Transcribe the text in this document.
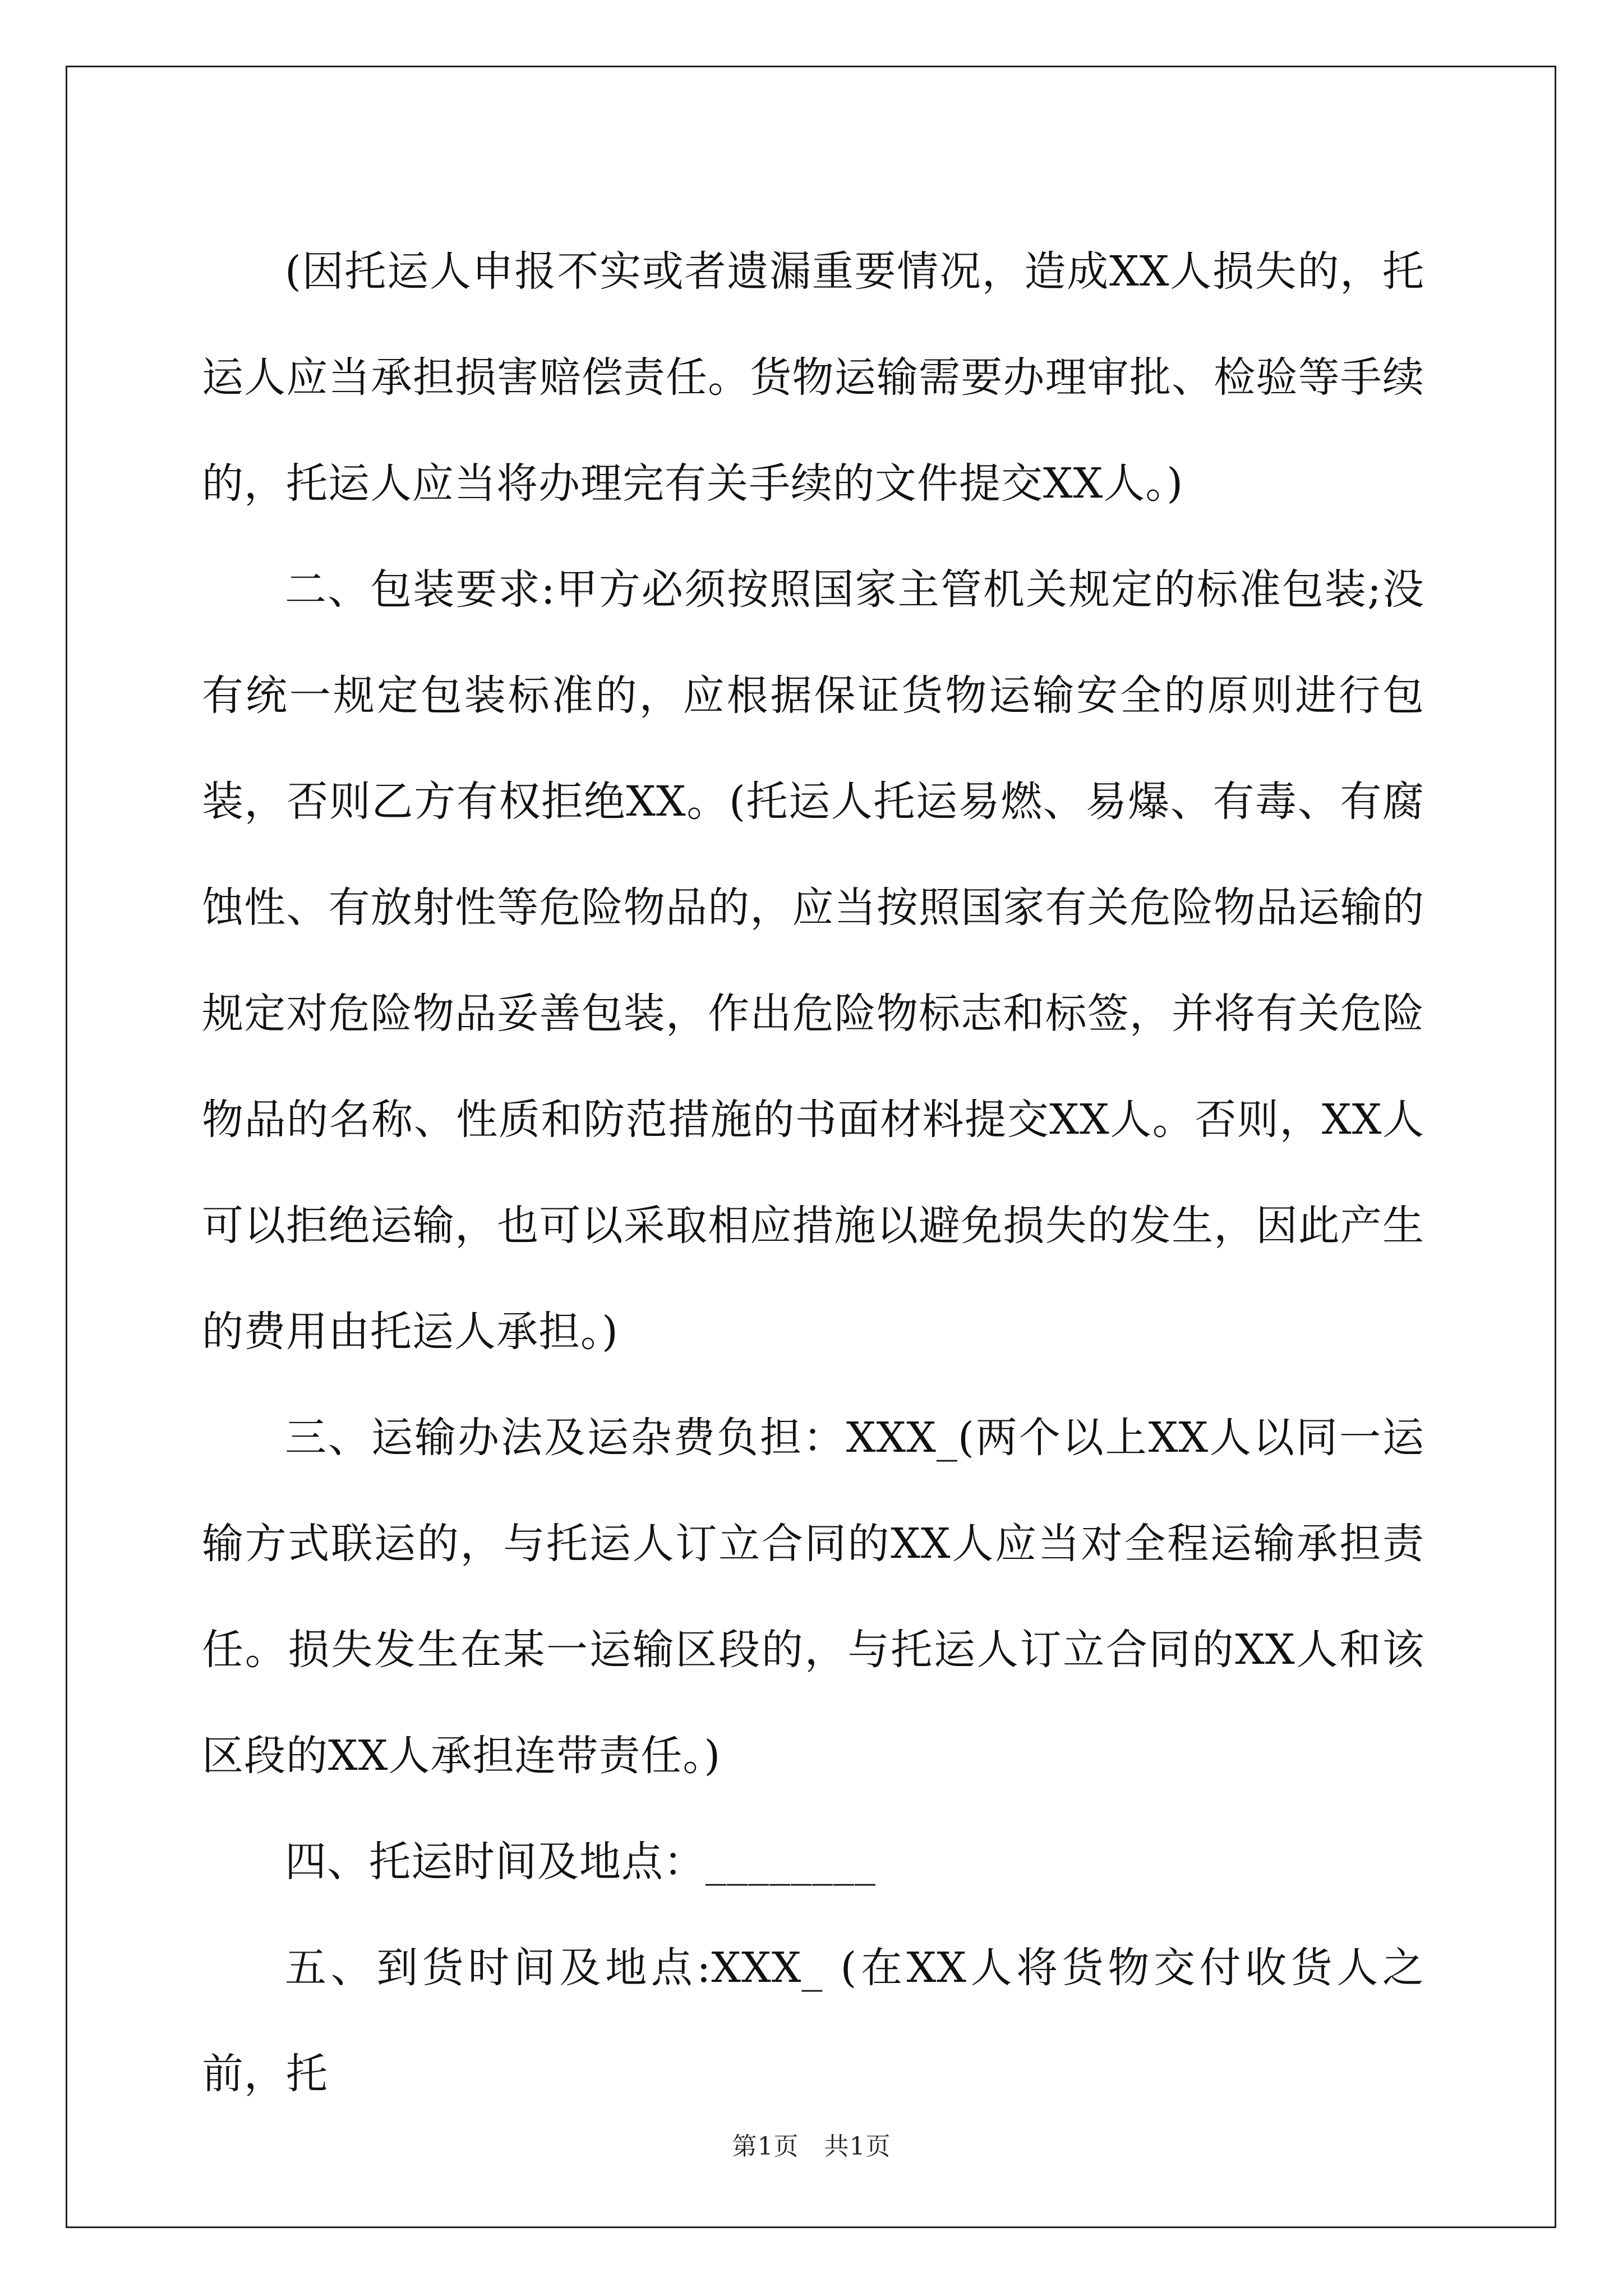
(因托运人申报不实或者遗漏重要情况，造成XX人损失的，托运人应当承担损害赔偿责任。货物运输需要办理审批、检验等手续的，托运人应当将办理完有关手续的文件提交XX人。)

二、包装要求:甲方必须按照国家主管机关规定的标准包装;没有统一规定包装标准的，应根据保证货物运输安全的原则进行包装，否则乙方有权拒绝XX。(托运人托运易燃、易爆、有毒、有腐蚀性、有放射性等危险物品的，应当按照国家有关危险物品运输的规定对危险物品妥善包装，作出危险物标志和标签，并将有关危险物品的名称、性质和防范措施的书面材料提交XX人。否则，XX人可以拒绝运输，也可以采取相应措施以避免损失的发生，因此产生的费用由托运人承担。)

三、运输办法及运杂费负担：XXX_(两个以上XX人以同一运输方式联运的，与托运人订立合同的XX人应当对全程运输承担责任。损失发生在某一运输区段的，与托运人订立合同的XX人和该区段的XX人承担连带责任。)

四、托运时间及地点：________

五、到货时间及地点:XXX_ (在XX人将货物交付收货人之前，托

第1页　共1页
